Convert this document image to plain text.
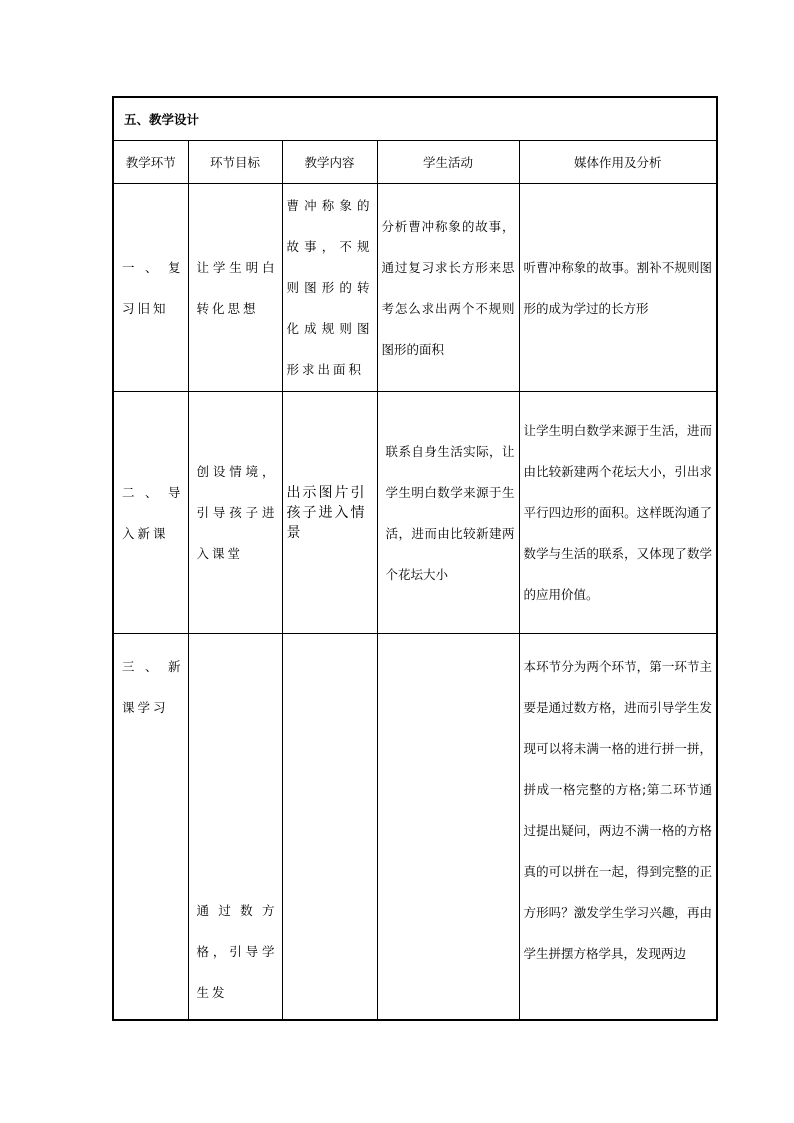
五、教学设计				
教学环节	环节目标	教学内容	学生活动	媒体作用及分析

一、复习旧知	让学生明白转化思想	曹冲称象的故事，不规则图形的转化成规则图形求出面积	分析曹冲称象的故事，通过复习求长方形来思考怎么求出两个不规则图形的面积	听曹冲称象的故事。割补不规则图形的成为学过的长方形

二、导入新课	创设情境，引导孩子进入课堂	出示图片引孩子进入情景	联系自身生活实际，让学生明白数学来源于生活，进而由比较新建两个花坛大小	让学生明白数学来源于生活，进而由比较新建两个花坛大小，引出求平行四边形的面积。这样既沟通了数学与生活的联系，又体现了数学的应用价值。

三、新课学习	通过数方格，引导学生发			本环节分为两个环节，第一环节主要是通过数方格，进而引导学生发现可以将未满一格的进行拼一拼，拼成一格完整的方格;第二环节通过提出疑问，两边不满一格的方格真的可以拼在一起，得到完整的正方形吗？激发学生学习兴趣，再由学生拼摆方格学具，发现两边
